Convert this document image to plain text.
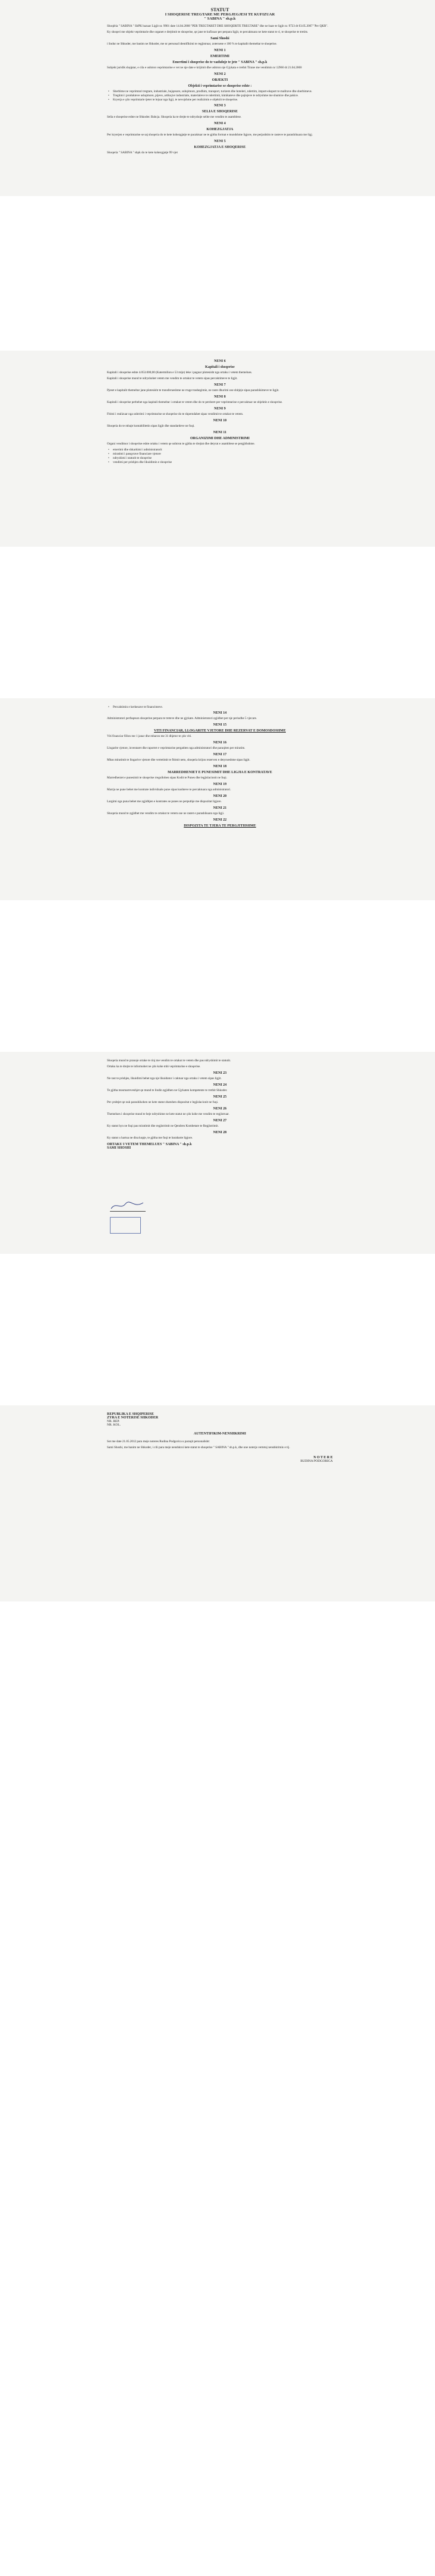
STATUT
I SHOQERISE TREGTARE ME PERGJEGJESI TE KUFIZUAR
" SABINA " sh.p.k

Shoqëria " SABINA " ShPK bazuar Ligjit nr. 9901 date 14.04.2008 "PER TREGTARET DHE SHOQERITE TREGTARE" dhe ne baze te ligjit nr. 9723 dt 03.05.2007 "Per QKR".

Ky shoqeri me objekt veprimtarie dhe organet e drejtimit te shoqerise, qe jane te kufizuar per perpara ligjit, te percaktuara ne kete statut te ri, te shoqerise te tretim.

Sami Shoshi

i lindur ne Shkoder, me banim ne Shkoder, me nr personal identifikimi te regjistruar, zoteruese e 100 % te kapitalit themeltar te shoqerise.

NENI 1
EMERTIMI
Emertimi i shoqerise do te vazhdoje te jete " SABINA " sh.p.k

Subjekt juridik shqiptar, e cila e ushtron veprimtarine e vet ne nje date e krijimit dhe ushtron nje Gjykata e rrethit Tirane me vendimin nr 12960 dt 21.04.2000

NENI 2
OBJEKTI
Objekti i veprimtarise se shoqerise eshte :
• Sherbime ne veprimtari tregtare, industriale, bujqesore, ushqimore, prodhim, transport, turizem dhe hoteleri, ndertim, import-eksport te mallrave dhe sherbimeve.
• Tregtimi i produkteve ushqimore, pijeve, artikujve industriale, materialeve te ndertimit, kimikateve dhe pajisjeve te ndryshme me shumice dhe pakice.
• Kryerja e çdo veprimtarie tjeter te lejuar nga ligji, te nevojshme per realizimin e objektit te shoqerise.
NENI 3
SELIA E SHOQERISE

Selia e shoqerise eshte ne Shkoder. Bahcja. Shoqeria ka te drejte te ndryshoje selite me vendim te asamblese.

NENI 4
KOHEZGJATJA

Per kryerjen e veprimtarise se saj shoqeria do te kete kohezgjatje te pacaktuar ne te gjitha format e mundshme ligjore, me perjashtim te rasteve te parashikuara me ligj.

NENI 5
KOHEZGJATJA E SHOQERISE

Shoqeria " SABINA " shpk do te kete kohezgjatje 99 vjet

NENI 6
Kapitali i shoqerise

Kapitali i shoqerise eshte 4.053.000,00 (Katermilion e 53 mije) leke i paguar plotesisht nga ortaku i vetem themelues.

Kapitali i shoqerise mund te ndryshohet vetem me vendim te ortakut te vetem sipas percaktimeve te ligjit.

NENI 7

Pjeset e kapitalit themeltar jane plotesisht te transferueshme ne rruge trashegimie, ne raste dhurimi ose shitjeje sipas parashikimeve te ligjit.

NENI 8

Kapitali i shoqerise perbehet nga kapitali themeltar i ortakut te vetem dhe do te perdoret per veprimtarine e percaktuar ne objektin e shoqerise.

NENI 9

Fitimi i realizuar nga ushtrimi i veprimtarise se shoqerise do te shperndahet sipas vendimit te ortakut te vetem.

NENI 10

Shoqeria do te mbaje kontabilitetin sipas ligjit dhe standardeve ne fuqi.

NENI 11
ORGANIZIMI DHE ADMINISTRIMI

Organi vendimor i shoqerise eshte ortaku i vetem qe ushtron te gjitha te drejtat dhe detyrat e asamblese se pergjithshme.

• emerimi dhe shkarkimi i administratorit
• miratimi i pasqyrave financiare vjetore
• ndryshimi i statutit te shoqerise
• vendimi per prishjen dhe likuidimin e shoqerise
• Percaktimin e kerkesave te financimeve.
NENI 14

Administratori perfaqeson shoqerine perpara te treteve dhe ne gjykate. Administratori zgjidhet per nje periudhe 5 vjecare.

NENI 15
VITI FINANCIAR, LLOGARITE VJETORE DHE REZERVAT E DOMOSDOSHME

Viti financiar fillon me 1 janar dhe mbaron me 31 dhjetor te çdo viti.

NENI 16

Llogarite vjetore, inventaret dhe raportet e veprimtarise pergatiten nga administratori dhe paraqiten per miratim.

NENI 17

Mbas miratimit te llogarive vjetore dhe vertetimit te fitimit neto, shoqeria krijon rezerven e detyrueshme sipas ligjit.

NENI 18
MARREDHENIET E PUNESIMIT DHE LIGJIA E KONTRATAVE

Marredheniet e punesimit te shoqerise rregullohen sipas Kodit te Punes dhe legjislacionit ne fuqi.

NENI 19

Marrja ne pune behet me kontrate individuale pune sipas kushteve te percaktuara nga administratori.

NENI 20

Largimi nga puna behet me zgjidhjen e kontrates se punes ne perputhje me dispozitat ligjore.

NENI 21

Shoqeria mund te zgjidhet me vendim te ortakut te vetem ose ne rastet e parashikuara nga ligji.

NENI 22
DISPOZITA TE TJERA TE PERGJITHSHME

Shoqeria mund te pranoje ortake te rinj me vendim te ortakut te vetem dhe pas ndryshimit te statutit.

Ortaku ka te drejte te informohet ne çdo kohe mbi veprimtarine e shoqerise.

NENI 23

Ne rast te prishjes, likuidimi behet nga nje likuidator i caktuar nga ortaku i vetem sipas ligjit.

NENI 24

Te gjitha mosmarreveshjet qe mund te lindin zgjidhen ne Gjykaten kompetente te rrethit Shkoder.

NENI 25

Per çeshtjet qe nuk parashikohen ne kete statut zbatohen dispozitat e legjislacionit ne fuqi.

NENI 26

Themelues i shoqerise mund te beje ndryshime ne kete statut ne çdo kohe me vendim te regjistruar.

NENI 27

Ky statut hyn ne fuqi pas miratimit dhe regjistrimit ne Qendren Kombetare te Regjistrimit.

NENI 28

Ky statut u hartua ne disa kopje, te gjitha me fuqi te barabarte ligjore.

ORTAKU I VETEM THEMELUES " SABINA " sh.p.k
SAMI SHOSHI
REPUBLIKA E SHQIPERISE
ZYRA E NOTERISE SHKODER
NR. REP.
NR. KOL.
AUTENTIFIKIM-NENSHKRIMI

Sot me date 21.05.2012 para meje noteres Rudina Podgorica u paraqit personalisht:

Sami Shoshi, me banim ne Shkoder, i cili para meje nenshkroi kete statut te shoqerise " SABINA " sh.p.k, dhe une noterja vertetoj nenshkrimin e tij.

N O T E R E
RUDINA PODGORICA
